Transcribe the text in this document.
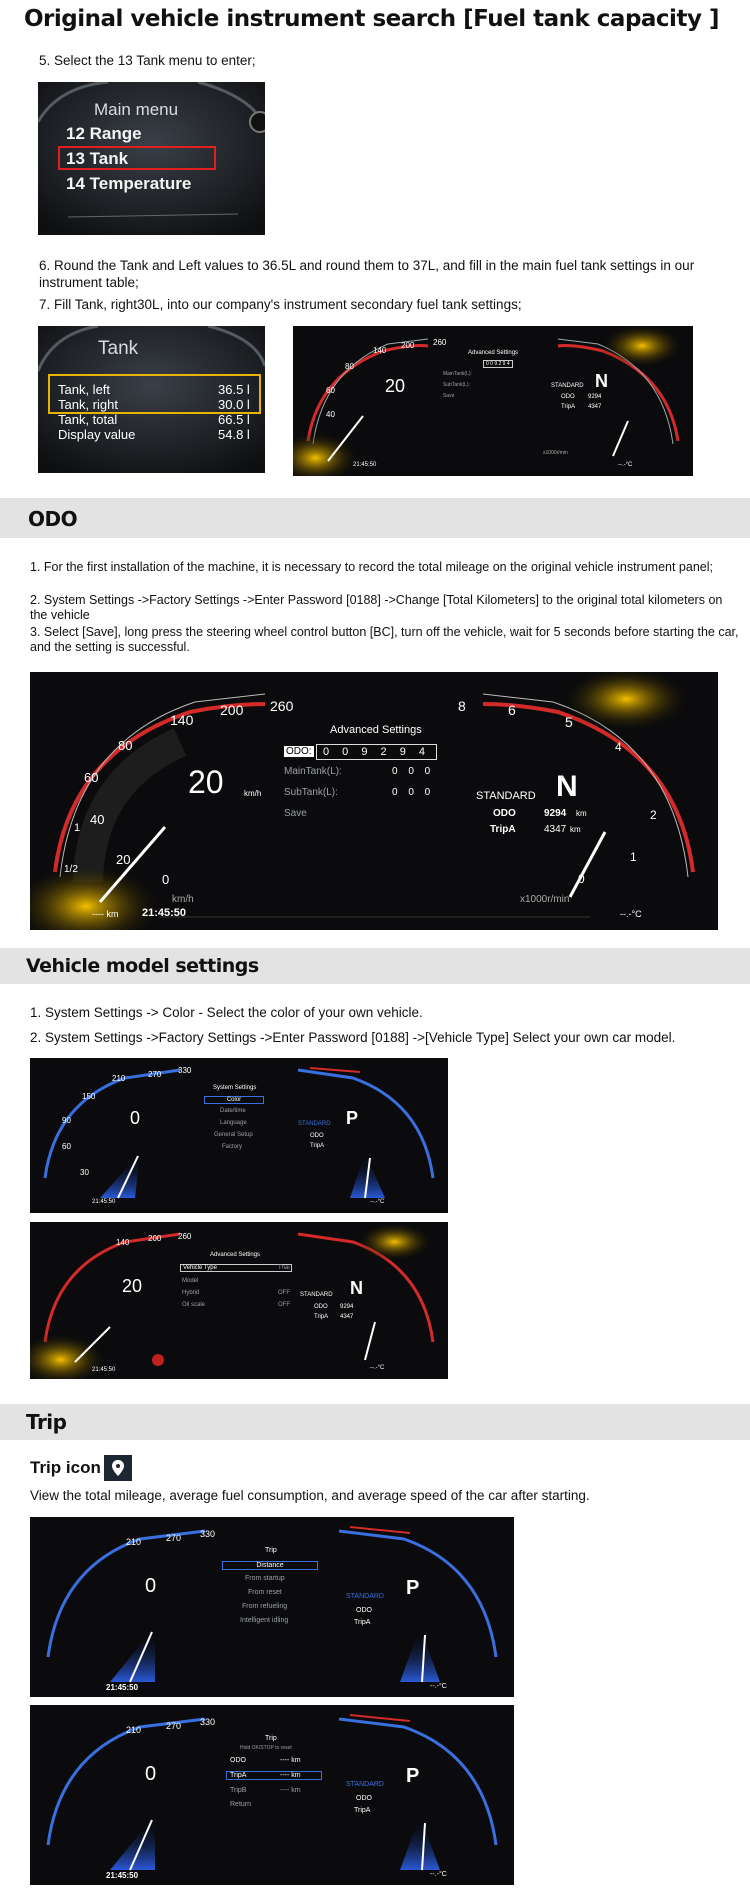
Original vehicle instrument search [Fuel tank capacity ]
5. Select the 13 Tank menu to enter;
Main menu
12 Range
13 Tank
14 Temperature
6. Round the Tank and Left values to 36.5L and round them to 37L, and fill in the main fuel tank settings in our instrument table;
7. Fill Tank, right30L, into our company's instrument secondary fuel tank settings;
Tank
Tank, left	36.5 l
Tank, right	30.0 l
Tank, total	66.5 l
Display value	54.8 l
140
200 260
80
60
40
20
Advanced Settings
0 0 9 2 9 4
MainTank(L):
SubTank(L):
Save
STANDARD N
ODO 9294
TripA 4347
21:45:50
x1000r/min
--.-°C
ODO
1. For the first installation of the machine, it is necessary to record the total mileage on the original vehicle instrument panel;
2. System Settings ->Factory Settings ->Enter Password [0188] ->Change [Total Kilometers] to the original total kilometers on the vehicle
3. Select [Save], long press the steering wheel control button [BC], turn off the vehicle, wait for 5 seconds before starting the car, and the setting is successful.
140
200 260
80
60
40
20
0
1/2
1
20	km/h
km/h
Advanced Settings
ODO:	0 0 9 2 9 4
MainTank(L):	0 0 0
SubTank(L):	0 0 0
Save
8	6
5
4
2
1
0
STANDARD N
ODO	9294 km
TripA	4347 km
x1000r/min
---- km 21:45:50	--.-°C
Vehicle model settings
1. System Settings -> Color - Select the color of your own vehicle.
2. System Settings ->Factory Settings ->Enter Password [0188] ->[Vehicle Type] Select your own car model.
210	270 330
150
90
60
30
0
System Settings
Color
Date/time
Language
General Setup
Factory
STANDARD P
ODO
TripA
21:45:50	--.-°C
140 200 260
20
Advanced Settings
Vehicle Type	Thai
Model
Hybrid	OFF
Oil scale	OFF
STANDARD N
ODO 9294
TripA 4347
21:45:50	--.-°C
Trip
Trip icon
View the total mileage, average fuel consumption, and average speed of the car after starting.
210	270 330
0
Trip
Distance
From startup
From reset
From refueling
Intelligent idling
STANDARD P
ODO
TripA
21:45:50	--.-°C
210	270 330
0
Trip
Hold OK/STOP to reset
ODO	---- km
TripA	---- km
TripB	---- km
Return
STANDARD P
ODO
TripA
21:45:50	--.-°C
